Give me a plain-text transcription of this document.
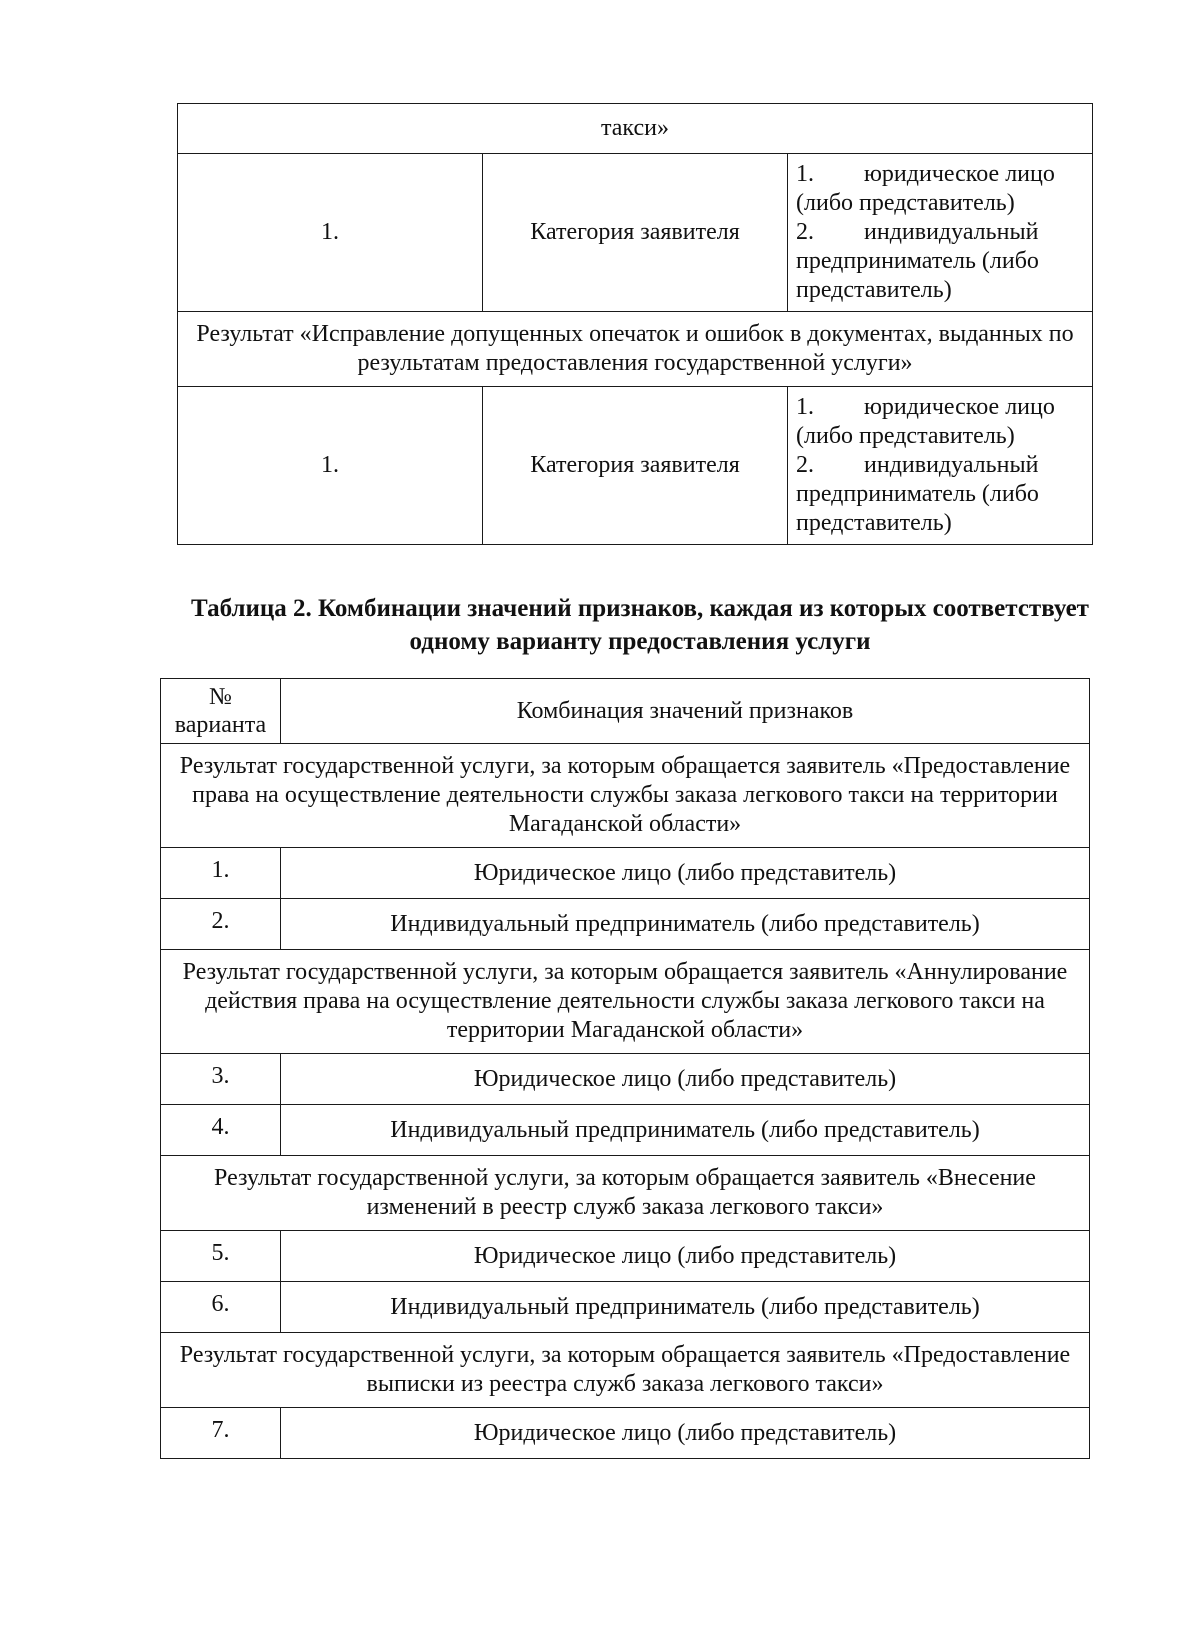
такси»		
1.	Категория заявителя	1. юридическое лицо (либо представитель)
2. индивидуальный предприниматель (либо представитель)

Результат «Исправление допущенных опечаток и ошибок в документах, выданных по результатам предоставления государственной услуги»		
1.	Категория заявителя	1. юридическое лицо (либо представитель)
2. индивидуальный предприниматель (либо представитель)
Таблица 2. Комбинации значений признаков, каждая из которых соответствует одному варианту предоставления услуги
№ варианта	Комбинация значений признаков
Результат государственной услуги, за которым обращается заявитель «Предоставление права на осуществление деятельности службы заказа легкового такси на территории Магаданской области»	
1.	Юридическое лицо (либо представитель)
2.	Индивидуальный предприниматель (либо представитель)
Результат государственной услуги, за которым обращается заявитель «Аннулирование действия права на осуществление деятельности службы заказа легкового такси на территории Магаданской области»	
3.	Юридическое лицо (либо представитель)
4.	Индивидуальный предприниматель (либо представитель)
Результат государственной услуги, за которым обращается заявитель «Внесение изменений в реестр служб заказа легкового такси»	
5.	Юридическое лицо (либо представитель)
6.	Индивидуальный предприниматель (либо представитель)
Результат государственной услуги, за которым обращается заявитель «Предоставление выписки из реестра служб заказа легкового такси»	
7.	Юридическое лицо (либо представитель)
